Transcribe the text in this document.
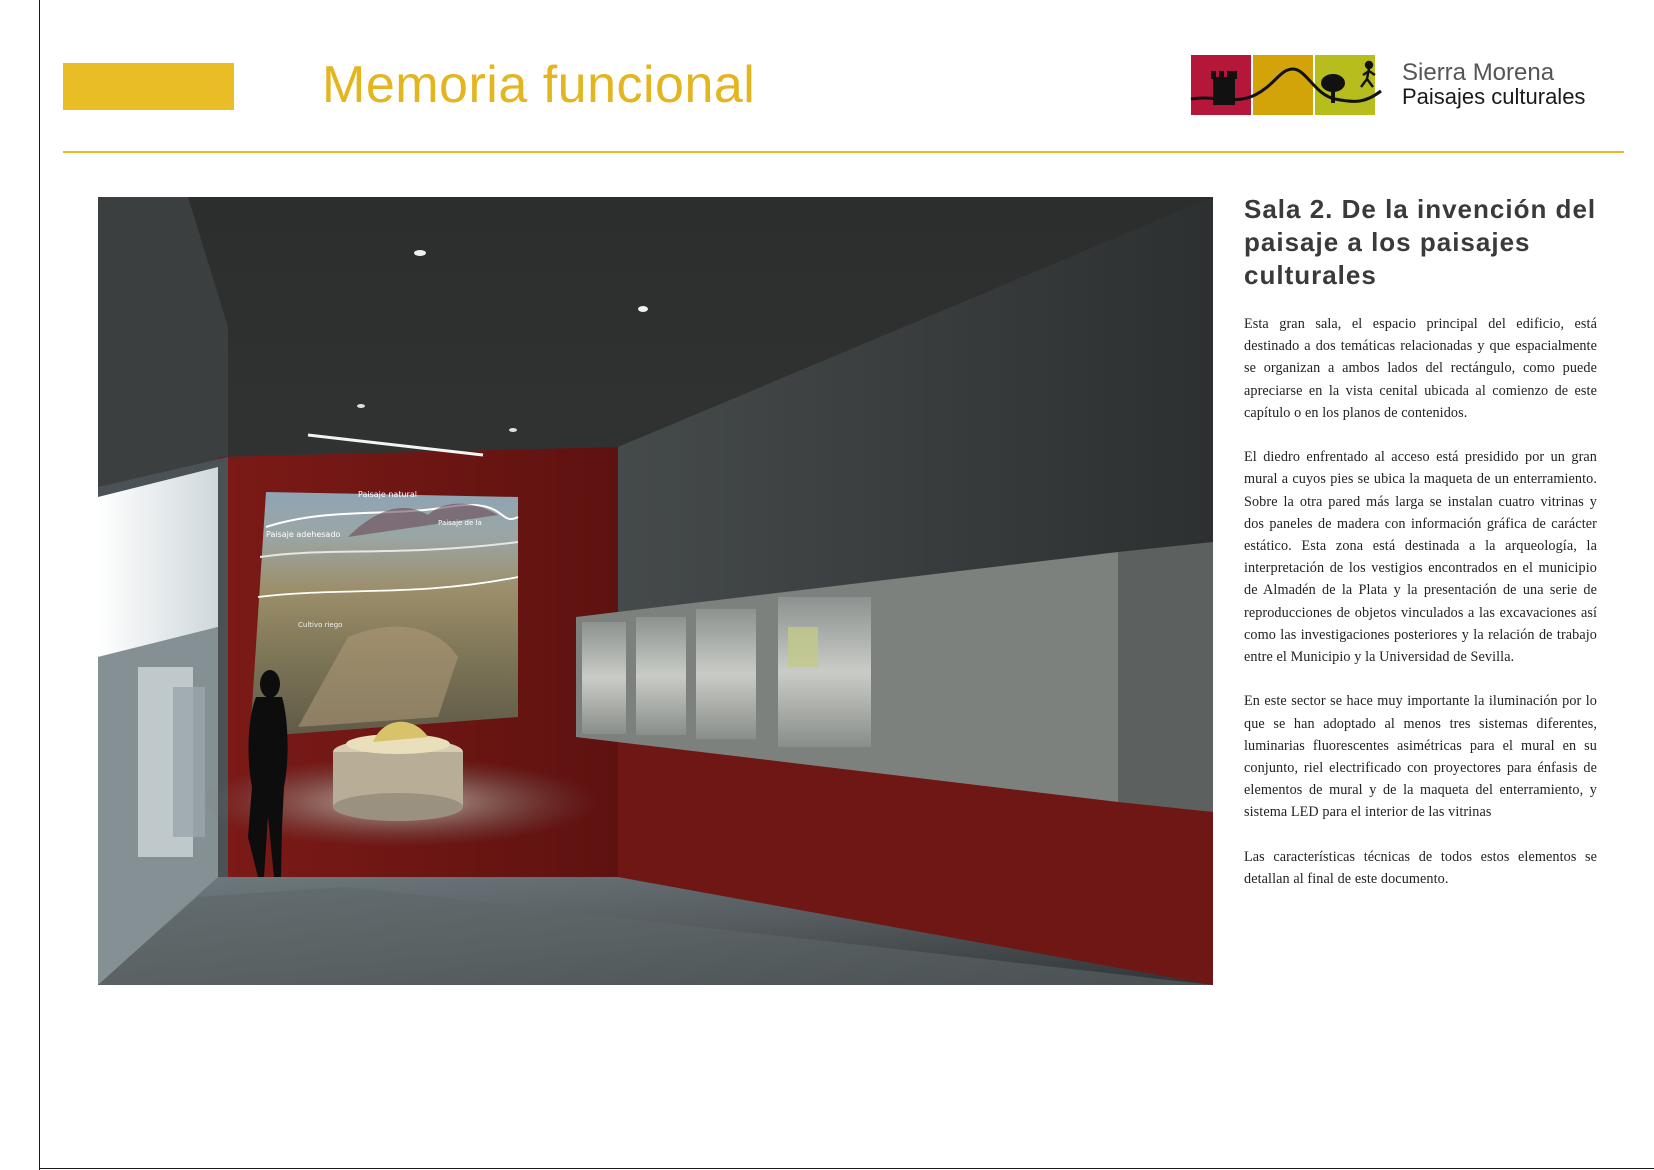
Memoria funcional	Sierra Morena
Paisajes culturales
Paisaje natural
Paisaje adehesado
Paisaje de la
Cultivo riego
Sala 2. De la invención del paisaje a los paisajes culturales

Esta gran sala, el espacio principal del edificio, está destinado a dos temáticas relacionadas y que espacialmente se organizan a ambos lados del rectángulo, como puede apreciarse en la vista cenital ubicada al comienzo de este capítulo o en los planos de contenidos.

El diedro enfrentado al acceso está presidido por un gran mural a cuyos pies se ubica la maqueta de un enterramiento. Sobre la otra pared más larga se instalan cuatro vitrinas y dos paneles de madera con información gráfica de carácter estático. Esta zona está destinada a la arqueología, la interpretación de los vestigios encontrados en el municipio de Almadén de la Plata y la presentación de una serie de reproducciones de objetos vinculados a las excavaciones así como las investigaciones posteriores y la relación de trabajo entre el Municipio y la Universidad de Sevilla.

En este sector se hace muy importante la iluminación por lo que se han adoptado al menos tres sistemas diferentes, luminarias fluorescentes asimétricas para el mural en su conjunto, riel electrificado con proyectores para énfasis de elementos de mural y de la maqueta del enterramiento, y sistema LED para el interior de las vitrinas

Las características técnicas de todos estos elementos se detallan al final de este documento.
